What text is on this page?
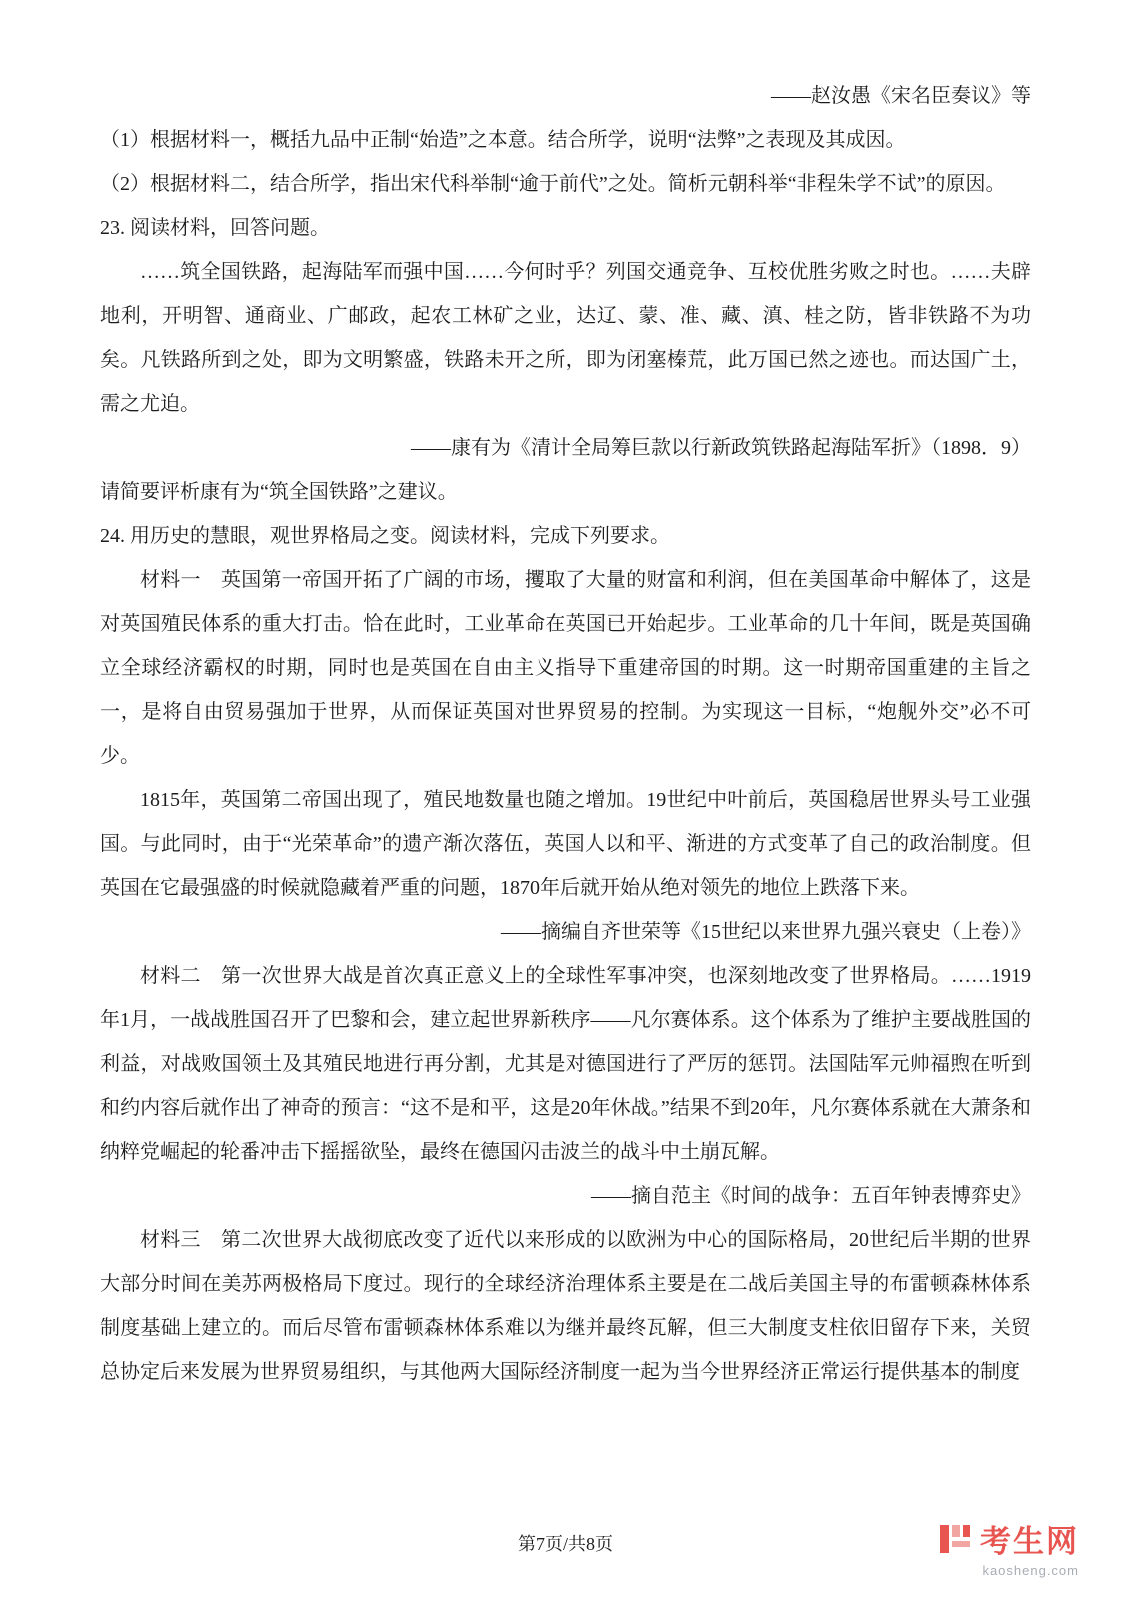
——赵汝愚《宋名臣奏议》等

（1）根据材料一，概括九品中正制“始造”之本意。结合所学，说明“法弊”之表现及其成因。

（2）根据材料二，结合所学，指出宋代科举制“逾于前代”之处。简析元朝科举“非程朱学不试”的原因。

23. 阅读材料，回答问题。

……筑全国铁路，起海陆军而强中国……今何时乎？列国交通竞争、互校优胜劣败之时也。……夫辟地利，开明智、通商业、广邮政，起农工林矿之业，达辽、蒙、准、藏、滇、桂之防，皆非铁路不为功矣。凡铁路所到之处，即为文明繁盛，铁路未开之所，即为闭塞榛荒，此万国已然之迹也。而达国广土，需之尤迫。

——康有为《清计全局筹巨款以行新政筑铁路起海陆军折》（1898．9）

请简要评析康有为“筑全国铁路”之建议。

24. 用历史的慧眼，观世界格局之变。阅读材料，完成下列要求。

材料一　英国第一帝国开拓了广阔的市场，攫取了大量的财富和利润，但在美国革命中解体了，这是对英国殖民体系的重大打击。恰在此时，工业革命在英国已开始起步。工业革命的几十年间，既是英国确立全球经济霸权的时期，同时也是英国在自由主义指导下重建帝国的时期。这一时期帝国重建的主旨之一，是将自由贸易强加于世界，从而保证英国对世界贸易的控制。为实现这一目标，“炮舰外交”必不可少。

1815年，英国第二帝国出现了，殖民地数量也随之增加。19世纪中叶前后，英国稳居世界头号工业强国。与此同时，由于“光荣革命”的遗产渐次落伍，英国人以和平、渐进的方式变革了自己的政治制度。但英国在它最强盛的时候就隐藏着严重的问题，1870年后就开始从绝对领先的地位上跌落下来。

——摘编自齐世荣等《15世纪以来世界九强兴衰史（上卷）》

材料二　第一次世界大战是首次真正意义上的全球性军事冲突，也深刻地改变了世界格局。……1919年1月，一战战胜国召开了巴黎和会，建立起世界新秩序——凡尔赛体系。这个体系为了维护主要战胜国的利益，对战败国领土及其殖民地进行再分割，尤其是对德国进行了严厉的惩罚。法国陆军元帅福煦在听到和约内容后就作出了神奇的预言：“这不是和平，这是20年休战。”结果不到20年，凡尔赛体系就在大萧条和纳粹党崛起的轮番冲击下摇摇欲坠，最终在德国闪击波兰的战斗中土崩瓦解。

——摘自范主《时间的战争：五百年钟表博弈史》

材料三　第二次世界大战彻底改变了近代以来形成的以欧洲为中心的国际格局，20世纪后半期的世界大部分时间在美苏两极格局下度过。现行的全球经济治理体系主要是在二战后美国主导的布雷顿森林体系制度基础上建立的。而后尽管布雷顿森林体系难以为继并最终瓦解，但三大制度支柱依旧留存下来，关贸总协定后来发展为世界贸易组织，与其他两大国际经济制度一起为当今世界经济正常运行提供基本的制度

第7页/共8页	考生网
kaosheng.com
